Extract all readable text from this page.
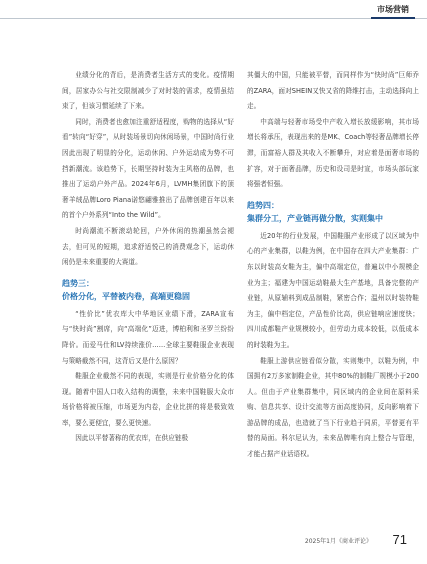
市场营销

业绩分化的背后，是消费者生活方式的变化。疫情期间，居家办公与社交限制减少了对时装的需求，疫情虽结束了，但该习惯延续了下来。

同时，消费者也愈加注重舒适程度，购物的选择从“好看”转向“好穿”，从时装场景切向休闲场景，中国时尚行业因此出现了明显的分化，运动休闲、户外运动成为势不可挡新潮流。该趋势下，长期坚持时装为主风格的品牌，也推出了运动户外产品。2024年6月，LVMH集团旗下的顶奢羊绒品牌Loro Piana诺悠翩雅推出了品牌创建百年以来的首个户外系列“Into the Wild”。

时尚潮流不断滚动轮回，户外休闲的热潮虽然会褪去，但可见的短期，追求舒适悦己的消费观念下，运动休闲仍是未来重要的大赛道。

趋势三：
价格分化，平替被内卷，高端更稳固

“性价比”优衣库大中华地区业绩下滑，ZARA宣布与“快时尚”割席，向“高端化”迈进，博柏利和圣罗兰纷纷降价。而爱马仕和LV持续涨价……全球主要鞋服企业表现与策略截然不同，这背后又是什么原因？

鞋服企业截然不同的表现，实则是行业价格分化的体现。随着中国人口收入结构的调整，未来中国鞋服大众市场价格将被压缩，市场更为内卷，企业比拼的将是极致效率，要么更便宜，要么更快速。

因此以平替著称的优衣库，在供应链极

其僵大的中国，只能被平替，而同样作为“快时尚”巨师乔的ZARA，面对SHEIN又快又省的降维打击，主动选择向上走。

中高端与轻奢市场受中产收入增长放缓影响，其市场增长将承压，表现出来的是MK、Coach等轻奢品牌增长停滞，而富裕人群及其收入不断攀升，对应着是面奢市场的扩容，对于面奢品牌，历史和设司是时宣，市场头部玩家将强者恒强。

趋势四：
集群分工，产业链再做分散，实则集中

近20年的行业发展，中国鞋服产业形成了以区域为中心的产业集群，以鞋为例，在中国存在四大产业集群：广东以时装高女鞋为主，偏中高端定位，普遍以中小规模企业为主；福建为中国运动鞋最大生产基地，具备完整的产业链，从原辅料到成品制鞋，紧密合作；温州以时装特鞋为主，偏中档定位，产品性价比高，供应链响应速度快；四川成都鞋产业规模较小，但劳动力成本较低，以低成本的时装鞋为主。

鞋服上游供应链看似分散，实则集中，以鞋为例，中国拥有2万多家制鞋企业，其中80%的制鞋厂规模小于200人。但由于产业集群集中，同区域内的企业间在原料采购、信息共享、设计交流等方面高度协同，反向影响着下游品牌的成品，也造就了当下行业趋于同质，平替更有平替的局面。科尔尼认为，未来品牌唯有向上整合与管理，才能占据产业话语权。

2025年1月《商业评论》 71
